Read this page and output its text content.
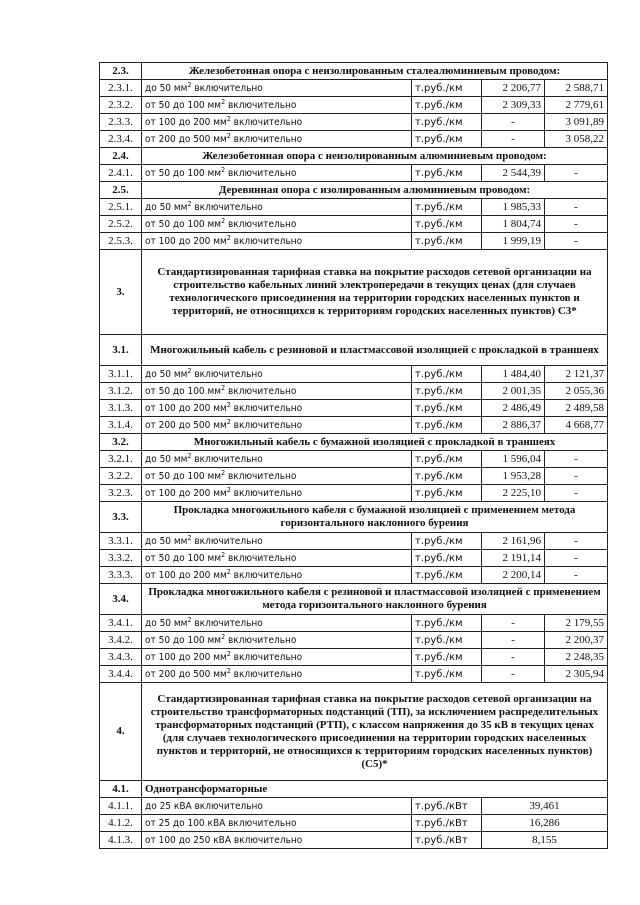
2.3.	Железобетонная опора с неизолированным сталеалюминиевым проводом:			
2.3.1.	до 50 $мм^2$ включительно	т.руб./км	2 206,77	2 588,71
2.3.2.	от 50 до 100 $мм^2$ включительно	т.руб./км	2 309,33	2 779,61
2.3.3.	от 100 до 200 $мм^2$ включительно	т.руб./км	-	3 091,89
2.3.4.	от 200 до 500 $мм^2$ включительно	т.руб./км	-	3 058,22
2.4.	Железобетонная опора с неизолированным алюминиевым проводом:			
2.4.1.	от 50 до 100 $мм^2$ включительно	т.руб./км	2 544,39	-
2.5.	Деревянная опора с изолированным алюминиевым проводом:			
2.5.1.	до 50 $мм^2$ включительно	т.руб./км	1 985,33	-
2.5.2.	от 50 до 100 $мм^2$ включительно	т.руб./км	1 804,74	-
2.5.3.	от 100 до 200 $мм^2$ включительно	т.руб./км	1 999,19	-
3.	Стандартизированная тарифная ставка на покрытие расходов сетевой организации на строительство кабельных линий электропередачи в текущих ценах (для случаев технологического присоединения на территории городских населенных пунктов и территорий, не относящихся к территориям городских населенных пунктов) С3*			
3.1.	Многожильный кабель с резиновой и пластмассовой изоляцией с прокладкой в траншеях			
3.1.1.	до 50 $мм^2$ включительно	т.руб./км	1 484,40	2 121,37
3.1.2.	от 50 до 100 $мм^2$ включительно	т.руб./км	2 001,35	2 055,36
3.1.3.	от 100 до 200 $мм^2$ включительно	т.руб./км	2 486,49	2 489,58
3.1.4.	от 200 до 500 $мм^2$ включительно	т.руб./км	2 886,37	4 668,77
3.2.	Многожильный кабель с бумажной изоляцией с прокладкой в траншеях			
3.2.1.	до 50 $мм^2$ включительно	т.руб./км	1 596,04	-
3.2.2.	от 50 до 100 $мм^2$ включительно	т.руб./км	1 953,28	-
3.2.3.	от 100 до 200 $мм^2$ включительно	т.руб./км	2 225,10	-
3.3.	Прокладка многожильного кабеля с бумажной изоляцией с применением метода горизонтального наклонного бурения			
3.3.1.	до 50 $мм^2$ включительно	т.руб./км	2 161,96	-
3.3.2.	от 50 до 100 $мм^2$ включительно	т.руб./км	2 191,14	-
3.3.3.	от 100 до 200 $мм^2$ включительно	т.руб./км	2 200,14	-
3.4.	Прокладка многожильного кабеля с резиновой и пластмассовой изоляцией с применением метода горизонтального наклонного бурения			
3.4.1.	до 50 $мм^2$ включительно	т.руб./км	-	2 179,55
3.4.2.	от 50 до 100 $мм^2$ включительно	т.руб./км	-	2 200,37
3.4.3.	от 100 до 200 $мм^2$ включительно	т.руб./км	-	2 248,35
3.4.4.	от 200 до 500 $мм^2$ включительно	т.руб./км	-	2 305,94
4.	Стандартизированная тарифная ставка на покрытие расходов сетевой организации на строительство трансформаторных подстанций (ТП), за исключением распределительных трансформаторных подстанций (РТП), с классом напряжения до 35 кВ в текущих ценах (для случаев технологического присоединения на территории городских населенных пунктов и территорий, не относящихся к территориям городских населенных пунктов) (С5)*			
4.1.	Однотрансформаторные			
4.1.1.	до 25 кВА включительно	т.руб./кВт	39,461	
4.1.2.	от 25 до 100 кВА включительно	т.руб./кВт	16,286	
4.1.3.	от 100 до 250 кВА включительно	т.руб./кВт	8,155	
